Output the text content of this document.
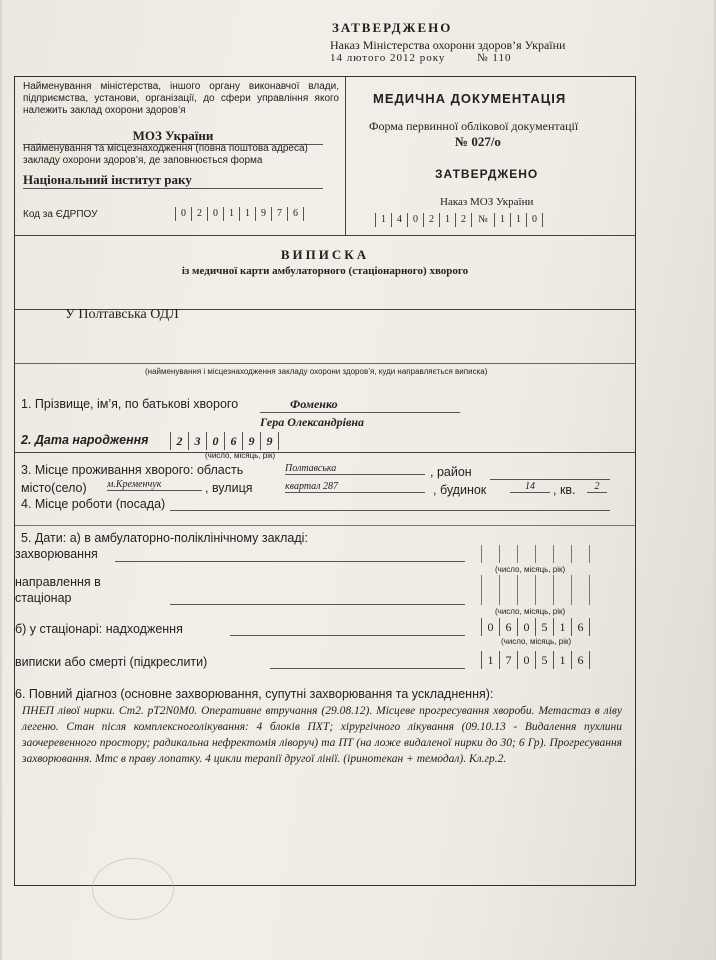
ЗАТВЕРДЖЕНО
Наказ Міністерства охорони здоров’я України
14 лютого 2012 року	№ 110
Найменування міністерства, іншого органу виконавчої влади, підприємства, установи, організації, до сфери управління якого належить заклад охорони здоров’я
МОЗ України
Найменування та місцезнаходження (повна поштова адреса) закладу охорони здоров’я, де заповнюється форма
Національний інститут раку
Код за ЄДРПОУ	0	2	0	1	1	9	7	6
МЕДИЧНА ДОКУМЕНТАЦІЯ
Форма первинної облікової документації
№ 027/о
ЗАТВЕРДЖЕНО
Наказ МОЗ України
1	4	0	2	1	2	№	1	1	0
ВИПИСКА
із медичної карти амбулаторного (стаціонарного) хворого
У Полтавська ОДЛ
(найменування і місцезнаходження закладу охорони здоров’я, куди направляється виписка)
1. Прізвище, ім’я, по батькові хворого	Фоменко
Гера Олександрівна
2. Дата народження	2	3	0	6	9	9
(число, місяць, рік)
3. Місце проживання хворого: область	Полтавська	, район
місто(село) м.Кременчук	, вулиця	квартал 287	, будинок	14	, кв.	2
4. Місце роботи (посада)
5. Дати: а) в амбулаторно-поліклінічному закладі:
захворювання
(число, місяць, рік)
направлення в
стаціонар
(число, місяць, рік)
б) у стаціонарі: надходження	0	6	0	5	1	6
(число, місяць, рік)
виписки або смерті (підкреслити)	1	7	0	5	1	6
6. Повний діагноз (основне захворювання, супутні захворювання та ускладнення):
ПНЕП лівої нирки. Ст2. рТ2N0M0. Оперативне втручання (29.08.12). Місцеве прогресування хвороби. Метастаз в ліву легеню. Стан після комплексноголікування: 4 блоків ПХТ; хірургічного лікування (09.10.13 - Видалення пухлини заочеревенного простору; радикальна нефректомія ліворуч) та ПТ (на ложе видаленої нирки до 30; 6 Гр). Прогресування захворювання. Мтс в праву лопатку. 4 цикли терапії другої лінії. (іринотекан + темодал). Кл.гр.2.
